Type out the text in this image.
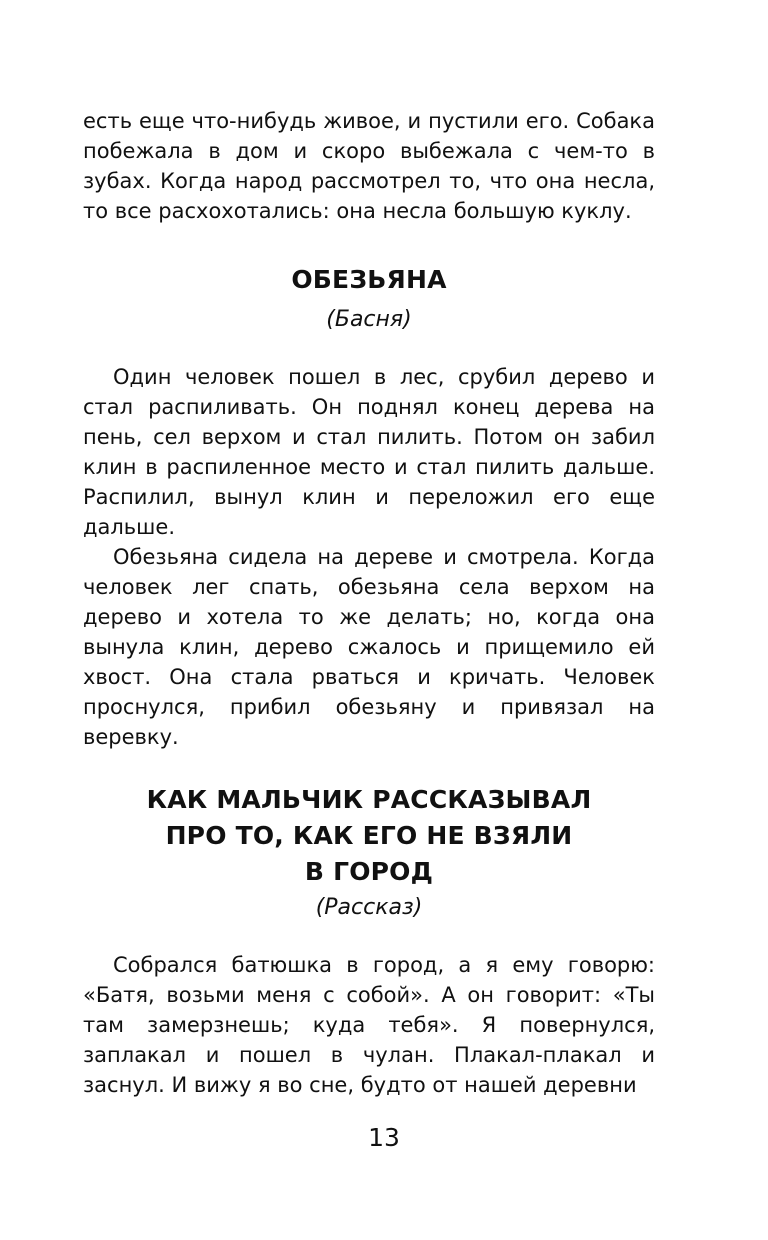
есть еще что-нибудь живое, и пустили его. Собака побежала в дом и скоро выбежала с чем-то в зубах. Когда народ рассмотрел то, что она несла, то все расхохотались: она несла большую куклу.

ОБЕЗЬЯНА
(Басня)

Один человек пошел в лес, срубил дерево и стал распиливать. Он поднял конец дерева на пень, сел верхом и стал пилить. Потом он забил клин в распиленное место и стал пилить дальше. Распилил, вынул клин и переложил его еще дальше.

Обезьяна сидела на дереве и смотрела. Когда человек лег спать, обезьяна села верхом на дерево и хотела то же делать; но, когда она вынула клин, дерево сжалось и прищемило ей хвост. Она стала рваться и кричать. Человек проснулся, прибил обезьяну и привязал на веревку.

КАК МАЛЬЧИК РАССКАЗЫВАЛ
ПРО ТО, КАК ЕГО НЕ ВЗЯЛИ
В ГОРОД
(Рассказ)

Собрался батюшка в город, а я ему говорю: «Батя, возьми меня с собой». А он говорит: «Ты там замерзнешь; куда тебя». Я повернулся, заплакал и пошел в чулан. Плакал-плакал и заснул. И вижу я во сне, будто от нашей деревни

13
